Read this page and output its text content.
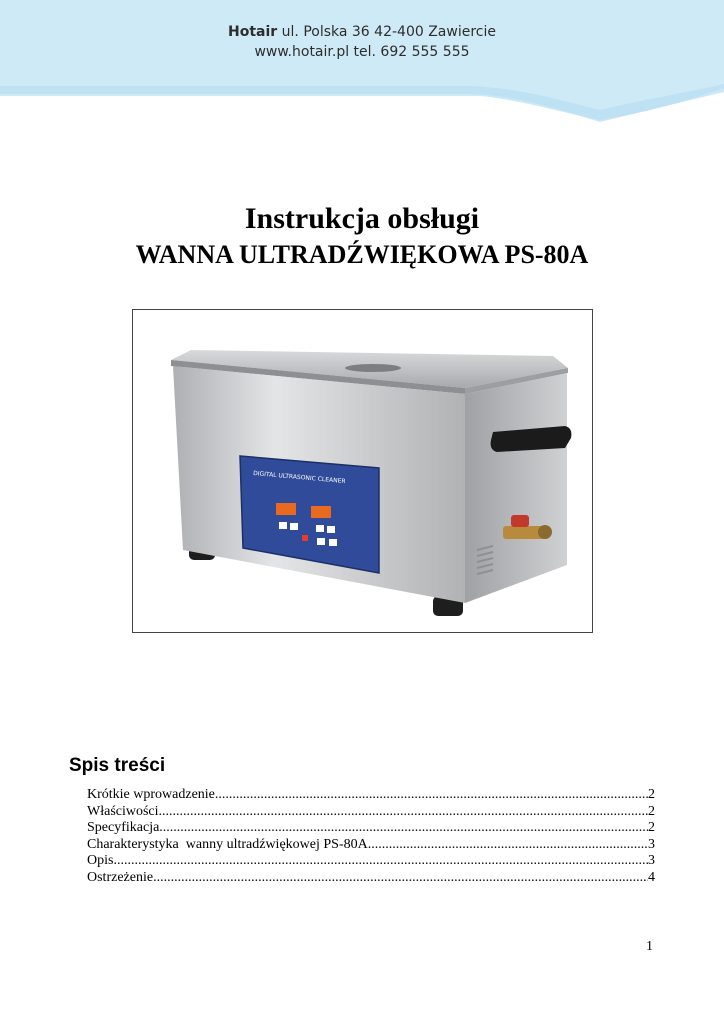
Hotair ul. Polska 36 42-400 Zawiercie
www.hotair.pl tel. 692 555 555
Instrukcja obsługi
WANNA ULTRADŹWIĘKOWA PS-80A
DIGITAL ULTRASONIC CLEANER
Spis treści
Krótkie wprowadzenie .....	2
Właściwości .....	2
Specyfikacja .....	2
Charakterystyka  wanny ultradźwiękowej PS-80A .....	3
Opis .....	3
Ostrzeżenie .....	4
1
